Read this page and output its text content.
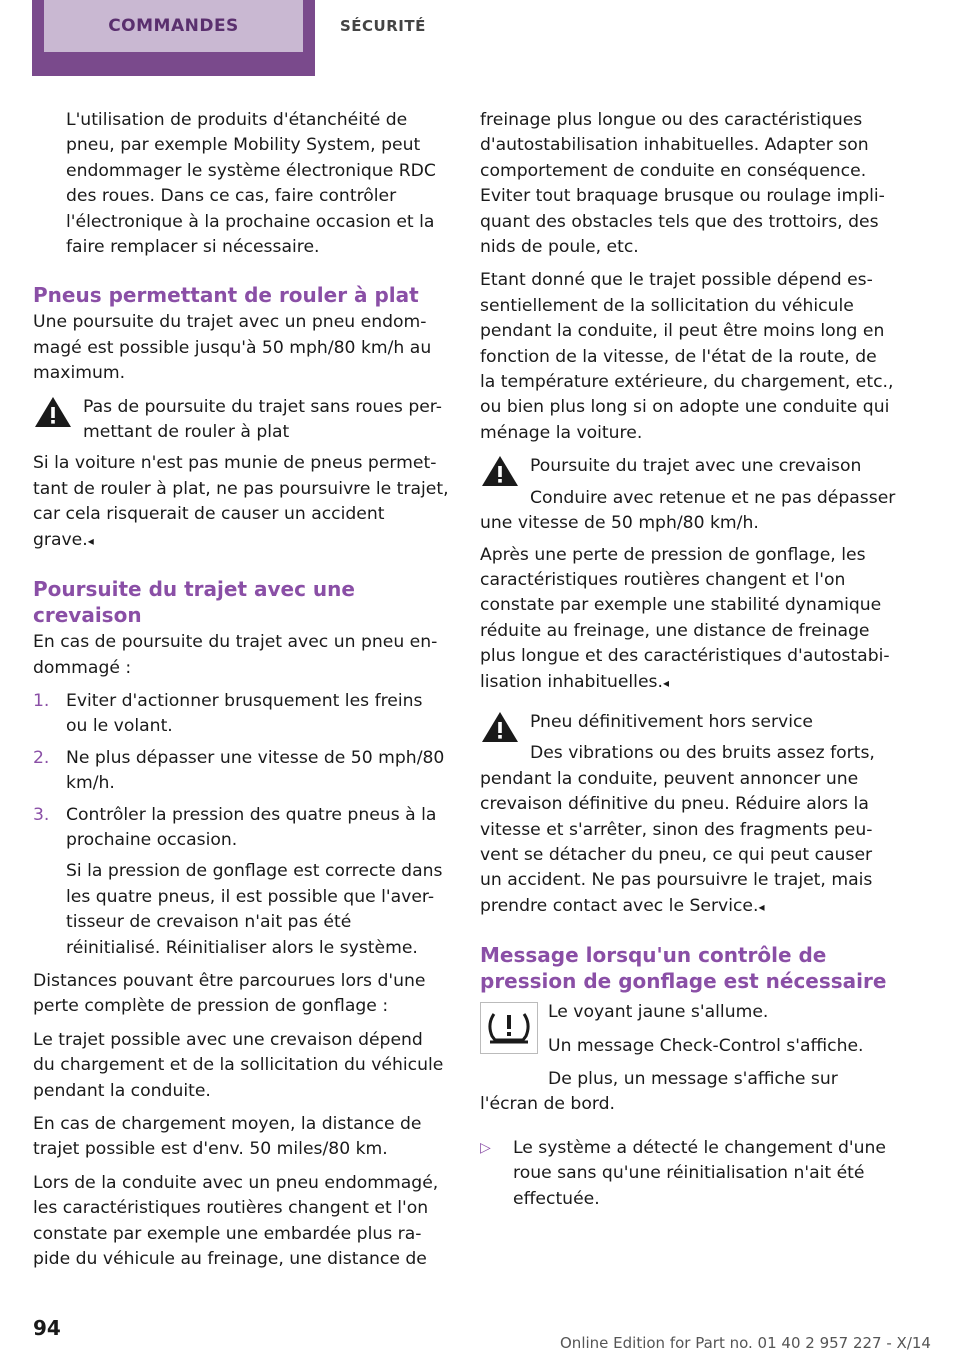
COMMANDES	SÉCURITÉ

L'utilisation de produits d'étanchéité de pneu, par exemple Mobility System, peut endommager le système électronique RDC des roues. Dans ce cas, faire contrôler l'électronique à la prochaine occasion et la faire remplacer si nécessaire.

Pneus permettant de rouler à plat

Une poursuite du trajet avec un pneu endom-magé est possible jusqu'à 50 mph/80 km/h au maximum.

Pas de poursuite du trajet sans roues per-mettant de rouler à plat
Si la voiture n'est pas munie de pneus permet-tant de rouler à plat, ne pas poursuivre le trajet, car cela risquerait de causer un accident grave.◂
Poursuite du trajet avec une crevaison

En cas de poursuite du trajet avec un pneu en-dommagé :

1. Eviter d'actionner brusquement les freins ou le volant.
2. Ne plus dépasser une vitesse de 50 mph/80 km/h.
3. Contrôler la pression des quatre pneus à la prochaine occasion.

Si la pression de gonflage est correcte dans les quatre pneus, il est possible que l'aver-tisseur de crevaison n'ait pas été réinitialisé. Réinitialiser alors le système.

Distances pouvant être parcourues lors d'une perte complète de pression de gonflage :

Le trajet possible avec une crevaison dépend du chargement et de la sollicitation du véhicule pendant la conduite.

En cas de chargement moyen, la distance de trajet possible est d'env. 50 miles/80 km.

Lors de la conduite avec un pneu endommagé, les caractéristiques routières changent et l'on constate par exemple une embardée plus ra-pide du véhicule au freinage, une distance de

freinage plus longue ou des caractéristiques d'autostabilisation inhabituelles. Adapter son comportement de conduite en conséquence. Eviter tout braquage brusque ou roulage impli-quant des obstacles tels que des trottoirs, des nids de poule, etc.

Etant donné que le trajet possible dépend es-sentiellement de la sollicitation du véhicule pendant la conduite, il peut être moins long en fonction de la vitesse, de l'état de la route, de la température extérieure, du chargement, etc., ou bien plus long si on adopte une conduite qui ménage la voiture.

Poursuite du trajet avec une crevaison
Conduire avec retenue et ne pas dépasser une vitesse de 50 mph/80 km/h.

Après une perte de pression de gonflage, les caractéristiques routières changent et l'on constate par exemple une stabilité dynamique réduite au freinage, une distance de freinage plus longue et des caractéristiques d'autostabi-lisation inhabituelles.◂

Pneu définitivement hors service
Des vibrations ou des bruits assez forts, pendant la conduite, peuvent annoncer une crevaison définitive du pneu. Réduire alors la vitesse et s'arrêter, sinon des fragments peu-vent se détacher du pneu, ce qui peut causer un accident. Ne pas poursuivre le trajet, mais prendre contact avec le Service.◂
Message lorsqu'un contrôle de pression de gonflage est nécessaire

Le voyant jaune s'allume.

Un message Check-Control s'affiche.

De plus, un message s'affiche sur l'écran de bord.

▷ Le système a détecté le changement d'une roue sans qu'une réinitialisation n'ait été effectuée.
94
Online Edition for Part no. 01 40 2 957 227 - X/14
